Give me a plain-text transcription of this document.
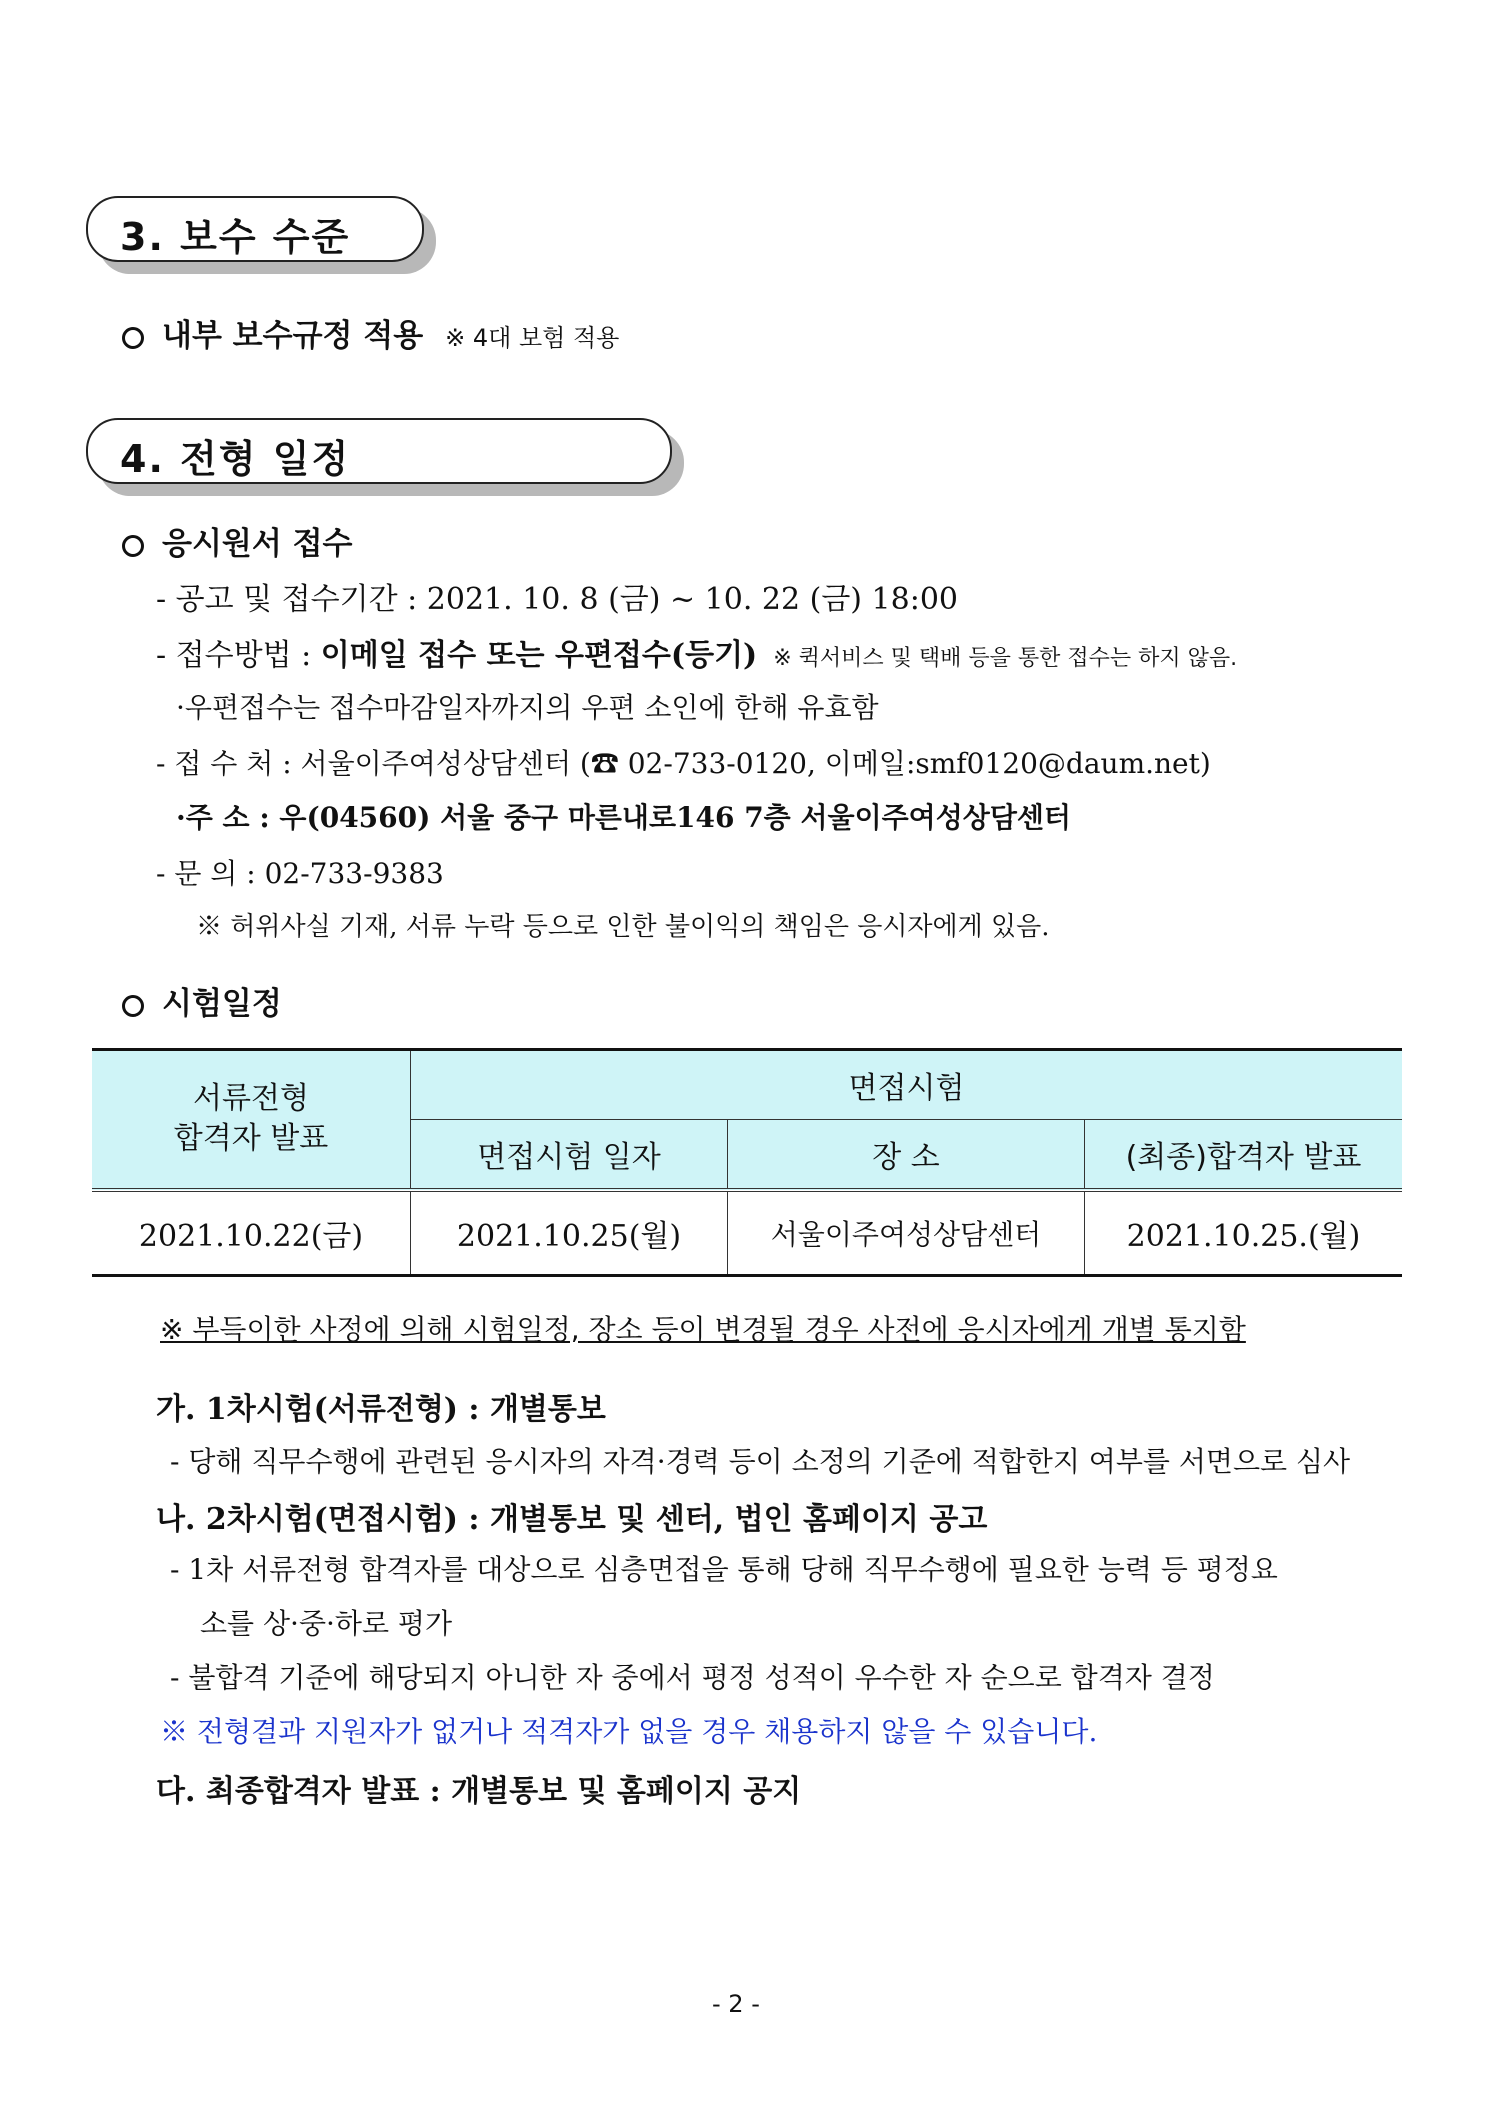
3. 보수 수준
내부 보수규정 적용 ※ 4대 보험 적용
4. 전형 일정
응시원서 접수
- 공고 및 접수기간 : 2021. 10. 8 (금) ~ 10. 22 (금) 18:00
- 접수방법 : 이메일 접수 또는 우편접수(등기) ※ 퀵서비스 및 택배 등을 통한 접수는 하지 않음.
·우편접수는 접수마감일자까지의 우편 소인에 한해 유효함
- 접 수 처 : 서울이주여성상담센터 (☎ 02-733-0120, 이메일:smf0120@daum.net)
·주 소 : 우(04560) 서울 중구 마른내로146 7층 서울이주여성상담센터
- 문 의 : 02-733-9383
※ 허위사실 기재, 서류 누락 등으로 인한 불이익의 책임은 응시자에게 있음.
시험일정
서류전형
합격자 발표	면접시험		
	면접시험 일자	장 소	(최종)합격자 발표
2021.10.22(금)	2021.10.25(월)	서울이주여성상담센터	2021.10.25.(월)
※ 부득이한 사정에 의해 시험일정, 장소 등이 변경될 경우 사전에 응시자에게 개별 통지함
가. 1차시험(서류전형) : 개별통보
- 당해 직무수행에 관련된 응시자의 자격·경력 등이 소정의 기준에 적합한지 여부를 서면으로 심사
나. 2차시험(면접시험) : 개별통보 및 센터, 법인 홈페이지 공고
- 1차 서류전형 합격자를 대상으로 심층면접을 통해 당해 직무수행에 필요한 능력 등 평정요
소를 상·중·하로 평가
- 불합격 기준에 해당되지 아니한 자 중에서 평정 성적이 우수한 자 순으로 합격자 결정
※ 전형결과 지원자가 없거나 적격자가 없을 경우 채용하지 않을 수 있습니다.
다. 최종합격자 발표 : 개별통보 및 홈페이지 공지
- 2 -
